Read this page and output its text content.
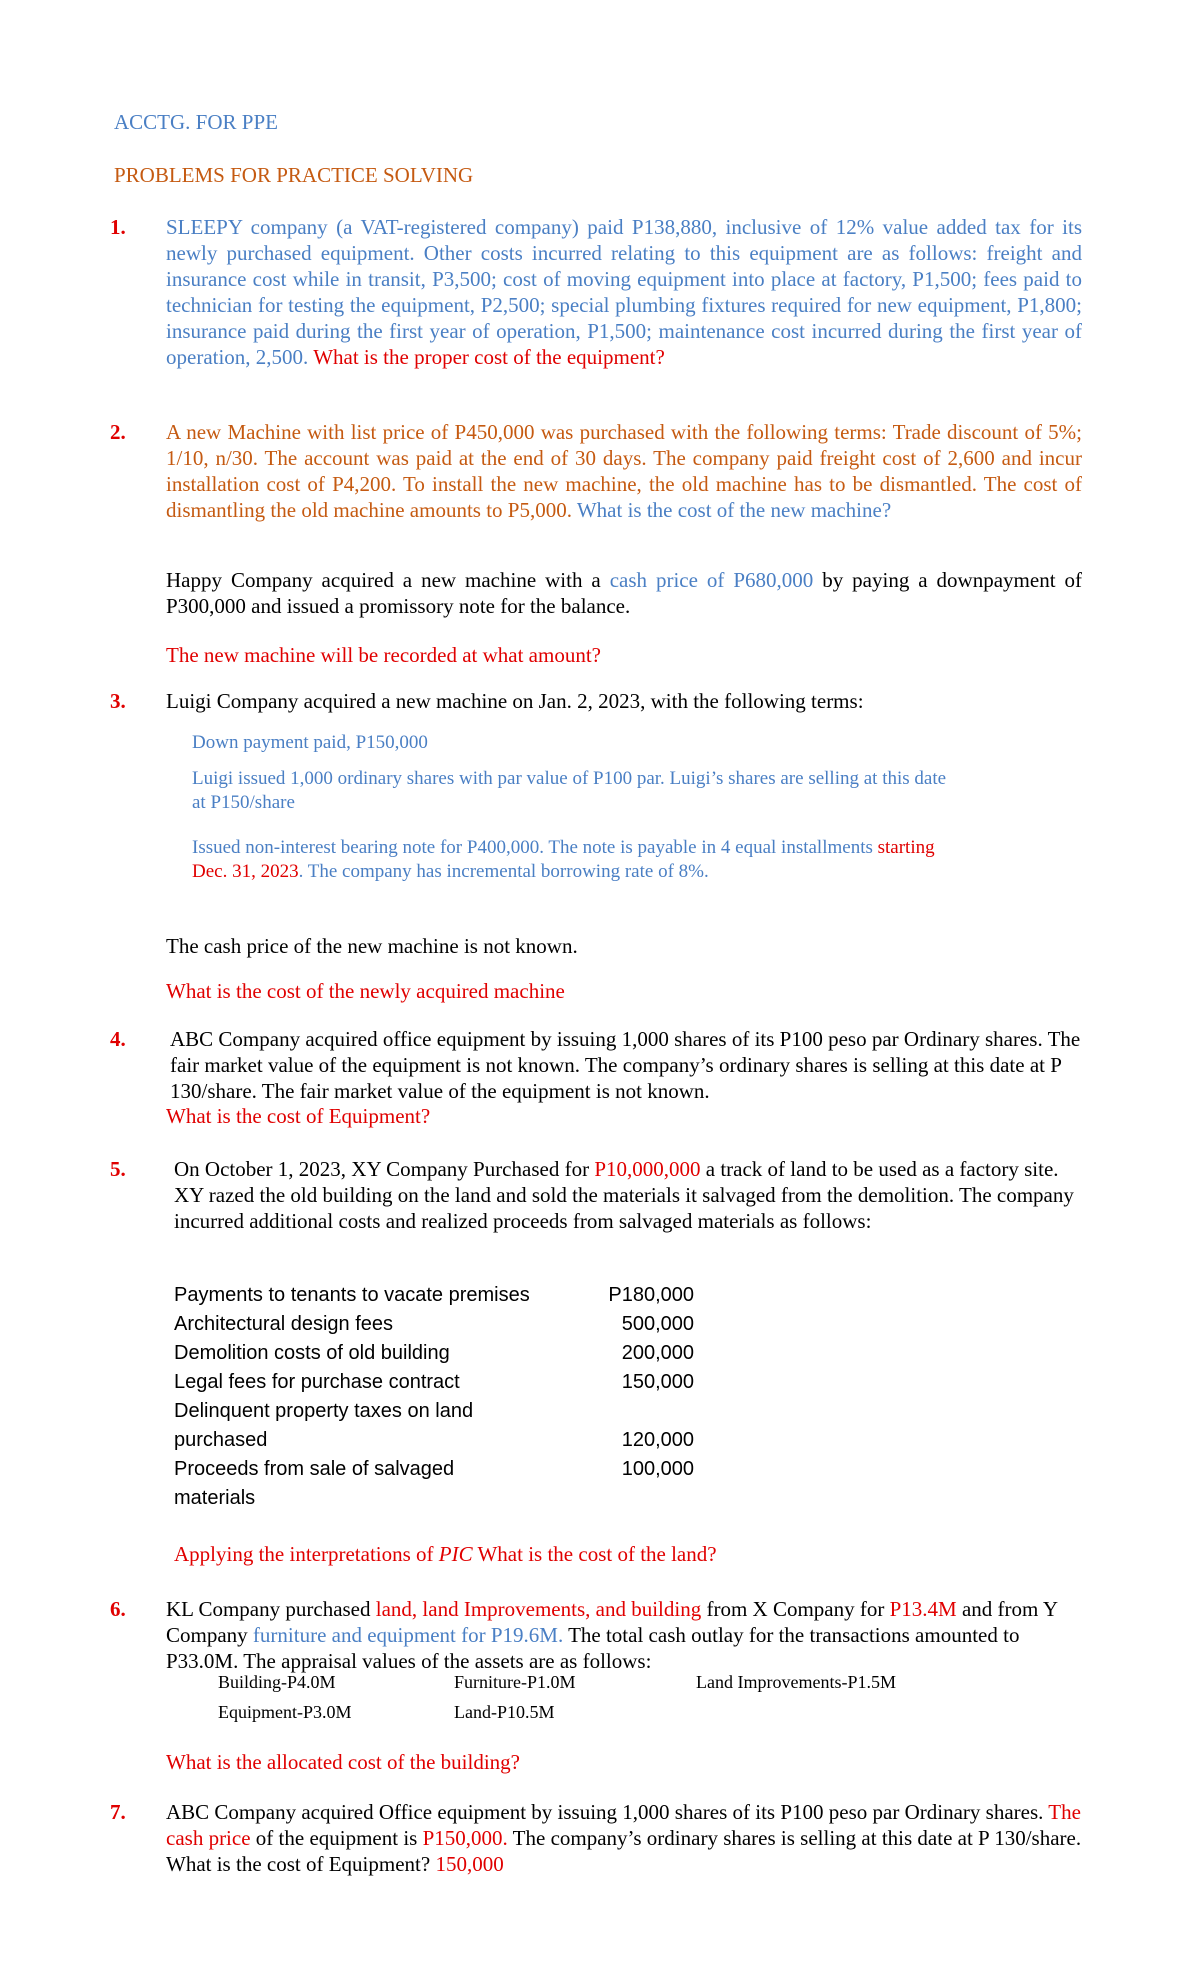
ACCTG. FOR PPE
PROBLEMS FOR PRACTICE SOLVING
1. SLEEPY company (a VAT-registered company) paid P138,880, inclusive of 12% value added tax for its newly purchased equipment. Other costs incurred relating to this equipment are as follows: freight and insurance cost while in transit, P3,500; cost of moving equipment into place at factory, P1,500; fees paid to technician for testing the equipment, P2,500; special plumbing fixtures required for new equipment, P1,800; insurance paid during the first year of operation, P1,500; maintenance cost incurred during the first year of operation, 2,500. What is the proper cost of the equipment?
2. A new Machine with list price of P450,000 was purchased with the following terms: Trade discount of 5%; 1/10, n/30. The account was paid at the end of 30 days. The company paid freight cost of 2,600 and incur installation cost of P4,200. To install the new machine, the old machine has to be dismantled. The cost of dismantling the old machine amounts to P5,000. What is the cost of the new machine?
Happy Company acquired a new machine with a cash price of P680,000 by paying a downpayment of P300,000 and issued a promissory note for the balance.
The new machine will be recorded at what amount?
3. Luigi Company acquired a new machine on Jan. 2, 2023, with the following terms:
Down payment paid, P150,000
Luigi issued 1,000 ordinary shares with par value of P100 par. Luigi’s shares are selling at this date at P150/share
Issued non-interest bearing note for P400,000. The note is payable in 4 equal installments starting Dec. 31, 2023. The company has incremental borrowing rate of 8%.
The cash price of the new machine is not known.
What is the cost of the newly acquired machine
4. ABC Company acquired office equipment by issuing 1,000 shares of its P100 peso par Ordinary shares. The fair market value of the equipment is not known. The company’s ordinary shares is selling at this date at P 130/share. The fair market value of the equipment is not known.
What is the cost of Equipment?
5. On October 1, 2023, XY Company Purchased for P10,000,000 a track of land to be used as a factory site. XY razed the old building on the land and sold the materials it salvaged from the demolition. The company incurred additional costs and realized proceeds from salvaged materials as follows:
Payments to tenants to vacate premises	P180,000
Architectural design fees	500,000
Demolition costs of old building	200,000
Legal fees for purchase contract	150,000
Delinquent property taxes on land
purchased	120,000
Proceeds from sale of salvaged	100,000
materials
Applying the interpretations of PIC What is the cost of the land?
6. KL Company purchased land, land Improvements, and building from X Company for P13.4M and from Y Company furniture and equipment for P19.6M. The total cash outlay for the transactions amounted to P33.0M. The appraisal values of the assets are as follows:
Building-P4.0M	Furniture-P1.0M	Land Improvements-P1.5M
Equipment-P3.0M	Land-P10.5M
What is the allocated cost of the building?
7. ABC Company acquired Office equipment by issuing 1,000 shares of its P100 peso par Ordinary shares. The cash price of the equipment is P150,000. The company’s ordinary shares is selling at this date at P 130/share. What is the cost of Equipment? 150,000
